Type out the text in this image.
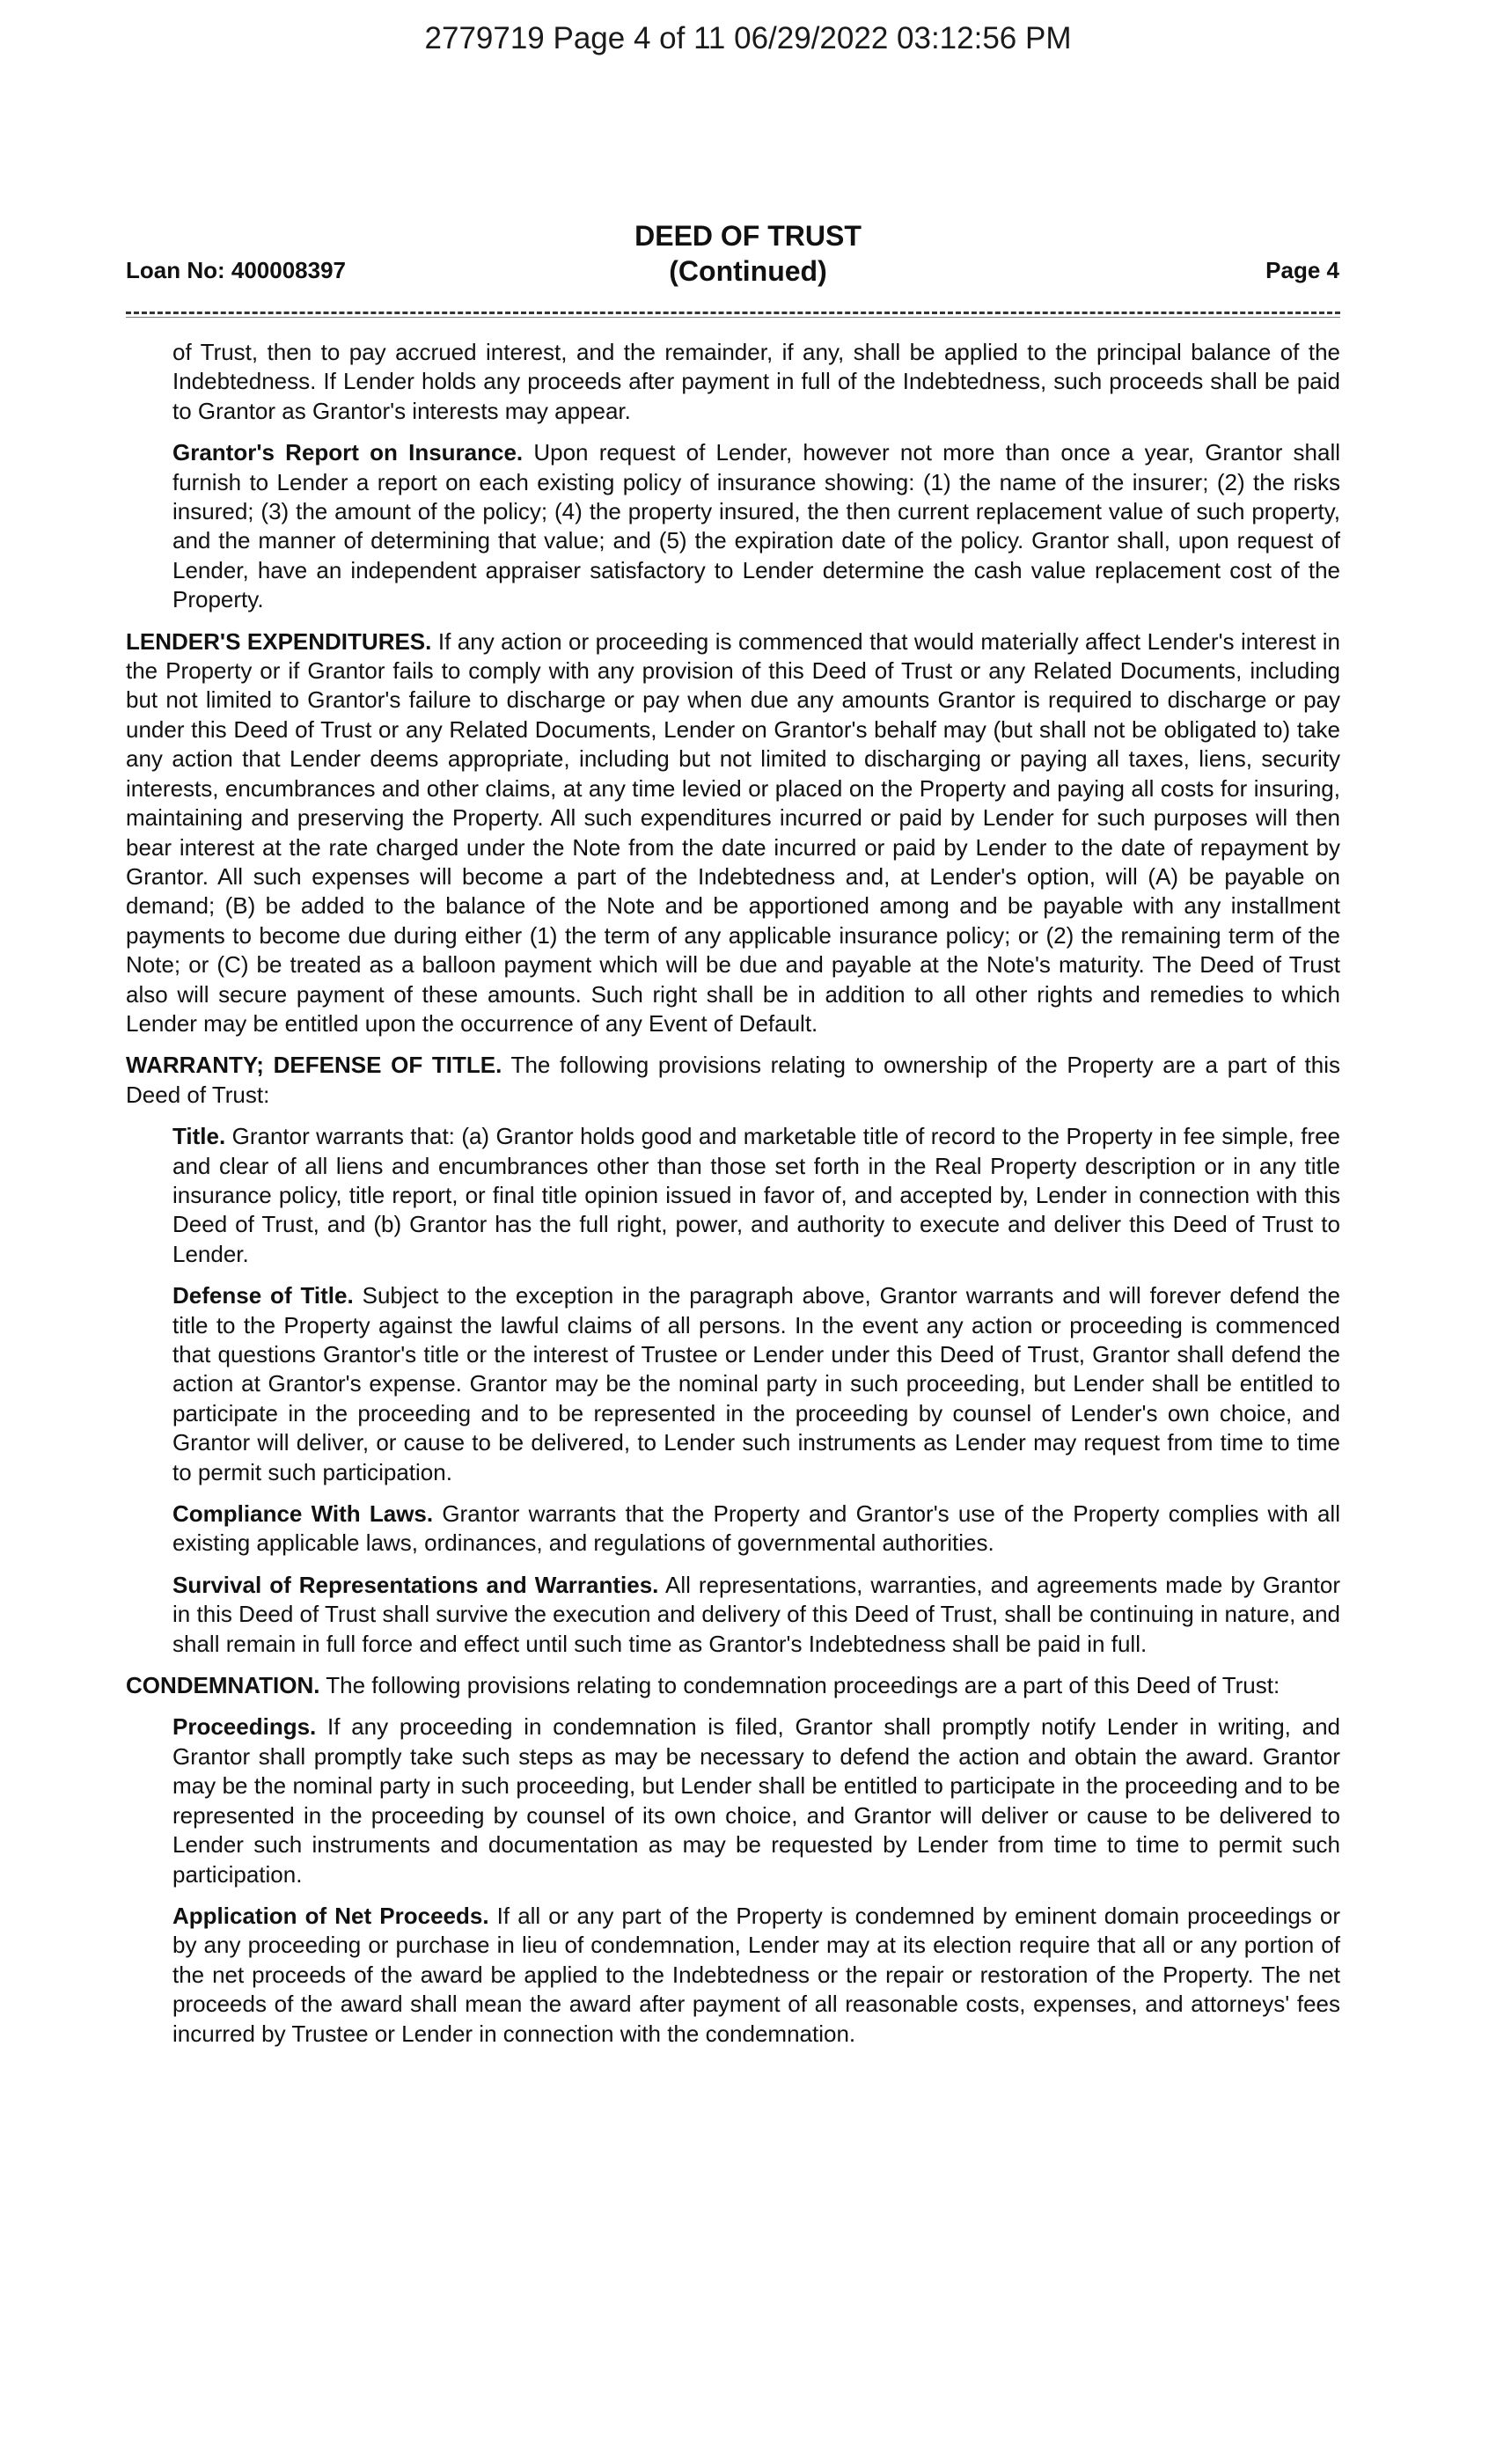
2779719 Page 4 of 11 06/29/2022 03:12:56 PM
DEED OF TRUST
(Continued)
Loan No: 400008397	Page 4

of Trust, then to pay accrued interest, and the remainder, if any, shall be applied to the principal balance of the Indebtedness. If Lender holds any proceeds after payment in full of the Indebtedness, such proceeds shall be paid to Grantor as Grantor's interests may appear.

Grantor's Report on Insurance. Upon request of Lender, however not more than once a year, Grantor shall furnish to Lender a report on each existing policy of insurance showing: (1) the name of the insurer; (2) the risks insured; (3) the amount of the policy; (4) the property insured, the then current replacement value of such property, and the manner of determining that value; and (5) the expiration date of the policy. Grantor shall, upon request of Lender, have an independent appraiser satisfactory to Lender determine the cash value replacement cost of the Property.

LENDER'S EXPENDITURES. If any action or proceeding is commenced that would materially affect Lender's interest in the Property or if Grantor fails to comply with any provision of this Deed of Trust or any Related Documents, including but not limited to Grantor's failure to discharge or pay when due any amounts Grantor is required to discharge or pay under this Deed of Trust or any Related Documents, Lender on Grantor's behalf may (but shall not be obligated to) take any action that Lender deems appropriate, including but not limited to discharging or paying all taxes, liens, security interests, encumbrances and other claims, at any time levied or placed on the Property and paying all costs for insuring, maintaining and preserving the Property. All such expenditures incurred or paid by Lender for such purposes will then bear interest at the rate charged under the Note from the date incurred or paid by Lender to the date of repayment by Grantor. All such expenses will become a part of the Indebtedness and, at Lender's option, will (A) be payable on demand; (B) be added to the balance of the Note and be apportioned among and be payable with any installment payments to become due during either (1) the term of any applicable insurance policy; or (2) the remaining term of the Note; or (C) be treated as a balloon payment which will be due and payable at the Note's maturity. The Deed of Trust also will secure payment of these amounts. Such right shall be in addition to all other rights and remedies to which Lender may be entitled upon the occurrence of any Event of Default.

WARRANTY; DEFENSE OF TITLE. The following provisions relating to ownership of the Property are a part of this Deed of Trust:

Title. Grantor warrants that: (a) Grantor holds good and marketable title of record to the Property in fee simple, free and clear of all liens and encumbrances other than those set forth in the Real Property description or in any title insurance policy, title report, or final title opinion issued in favor of, and accepted by, Lender in connection with this Deed of Trust, and (b) Grantor has the full right, power, and authority to execute and deliver this Deed of Trust to Lender.

Defense of Title. Subject to the exception in the paragraph above, Grantor warrants and will forever defend the title to the Property against the lawful claims of all persons. In the event any action or proceeding is commenced that questions Grantor's title or the interest of Trustee or Lender under this Deed of Trust, Grantor shall defend the action at Grantor's expense. Grantor may be the nominal party in such proceeding, but Lender shall be entitled to participate in the proceeding and to be represented in the proceeding by counsel of Lender's own choice, and Grantor will deliver, or cause to be delivered, to Lender such instruments as Lender may request from time to time to permit such participation.

Compliance With Laws. Grantor warrants that the Property and Grantor's use of the Property complies with all existing applicable laws, ordinances, and regulations of governmental authorities.

Survival of Representations and Warranties. All representations, warranties, and agreements made by Grantor in this Deed of Trust shall survive the execution and delivery of this Deed of Trust, shall be continuing in nature, and shall remain in full force and effect until such time as Grantor's Indebtedness shall be paid in full.

CONDEMNATION. The following provisions relating to condemnation proceedings are a part of this Deed of Trust:

Proceedings. If any proceeding in condemnation is filed, Grantor shall promptly notify Lender in writing, and Grantor shall promptly take such steps as may be necessary to defend the action and obtain the award. Grantor may be the nominal party in such proceeding, but Lender shall be entitled to participate in the proceeding and to be represented in the proceeding by counsel of its own choice, and Grantor will deliver or cause to be delivered to Lender such instruments and documentation as may be requested by Lender from time to time to permit such participation.

Application of Net Proceeds. If all or any part of the Property is condemned by eminent domain proceedings or by any proceeding or purchase in lieu of condemnation, Lender may at its election require that all or any portion of the net proceeds of the award be applied to the Indebtedness or the repair or restoration of the Property. The net proceeds of the award shall mean the award after payment of all reasonable costs, expenses, and attorneys' fees incurred by Trustee or Lender in connection with the condemnation.
